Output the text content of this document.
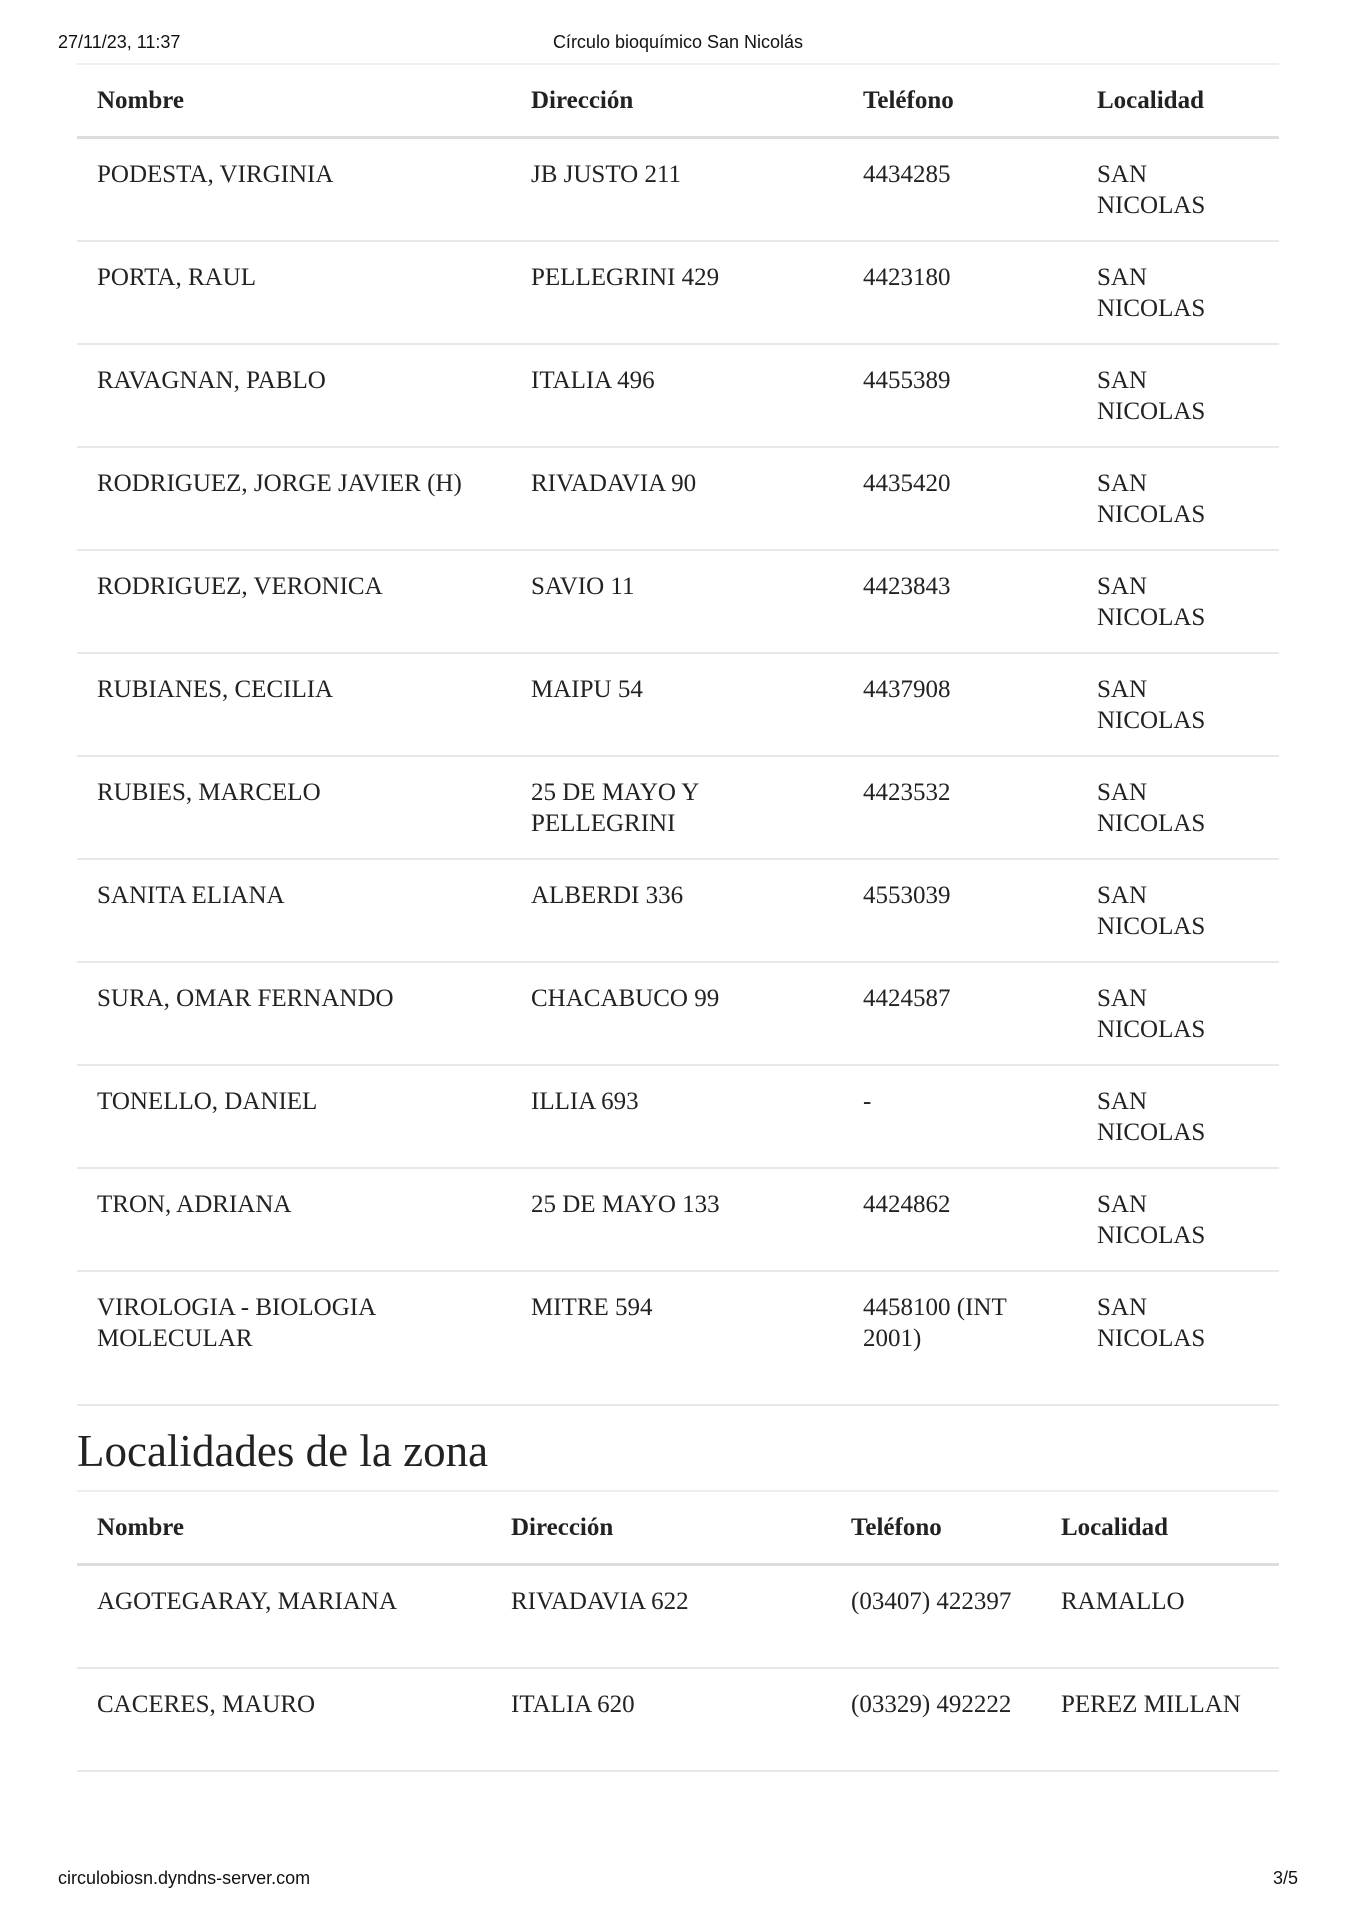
27/11/23, 11:37	Círculo bioquímico San Nicolás
Nombre	Dirección	Teléfono	Localidad
PODESTA, VIRGINIA	JB JUSTO 211	4434285	SAN NICOLAS
PORTA, RAUL	PELLEGRINI 429	4423180	SAN NICOLAS
RAVAGNAN, PABLO	ITALIA 496	4455389	SAN NICOLAS
RODRIGUEZ, JORGE JAVIER (H)	RIVADAVIA 90	4435420	SAN NICOLAS
RODRIGUEZ, VERONICA	SAVIO 11	4423843	SAN NICOLAS
RUBIANES, CECILIA	MAIPU 54	4437908	SAN NICOLAS
RUBIES, MARCELO	25 DE MAYO Y PELLEGRINI	4423532	SAN NICOLAS
SANITA ELIANA	ALBERDI 336	4553039	SAN NICOLAS
SURA, OMAR FERNANDO	CHACABUCO 99	4424587	SAN NICOLAS
TONELLO, DANIEL	ILLIA 693	-	SAN NICOLAS
TRON, ADRIANA	25 DE MAYO 133	4424862	SAN NICOLAS
VIROLOGIA - BIOLOGIA MOLECULAR	MITRE 594	4458100 (INT 2001)	SAN NICOLAS
Localidades de la zona
Nombre	Dirección	Teléfono	Localidad
AGOTEGARAY, MARIANA	RIVADAVIA 622	(03407) 422397	RAMALLO
CACERES, MAURO	ITALIA 620	(03329) 492222	PEREZ MILLAN
circulobiosn.dyndns-server.com	3/5
